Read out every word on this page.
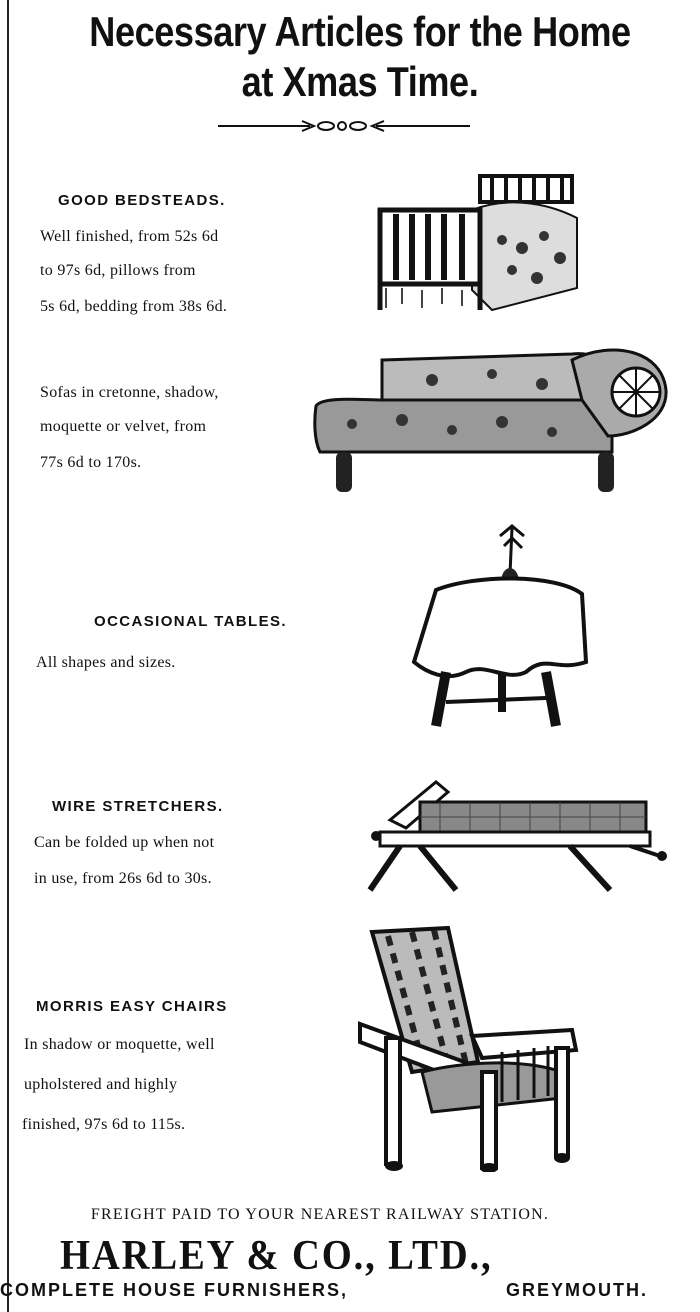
Necessary Articles for the Home
at Xmas Time.
GOOD BEDSTEADS.
Well finished, from 52s 6d
to 97s 6d, pillows from
5s 6d, bedding from 38s 6d.
Sofas in cretonne, shadow,
moquette or velvet, from
77s 6d to 170s.
OCCASIONAL TABLES.
All shapes and sizes.
WIRE STRETCHERS.
Can be folded up when not
in use, from 26s 6d to 30s.
MORRIS EASY CHAIRS
In shadow or moquette, well
upholstered and highly
finished, 97s 6d to 115s.
FREIGHT PAID TO YOUR NEAREST RAILWAY STATION.
HARLEY & CO., LTD.,
COMPLETE HOUSE FURNISHERS,	GREYMOUTH.
